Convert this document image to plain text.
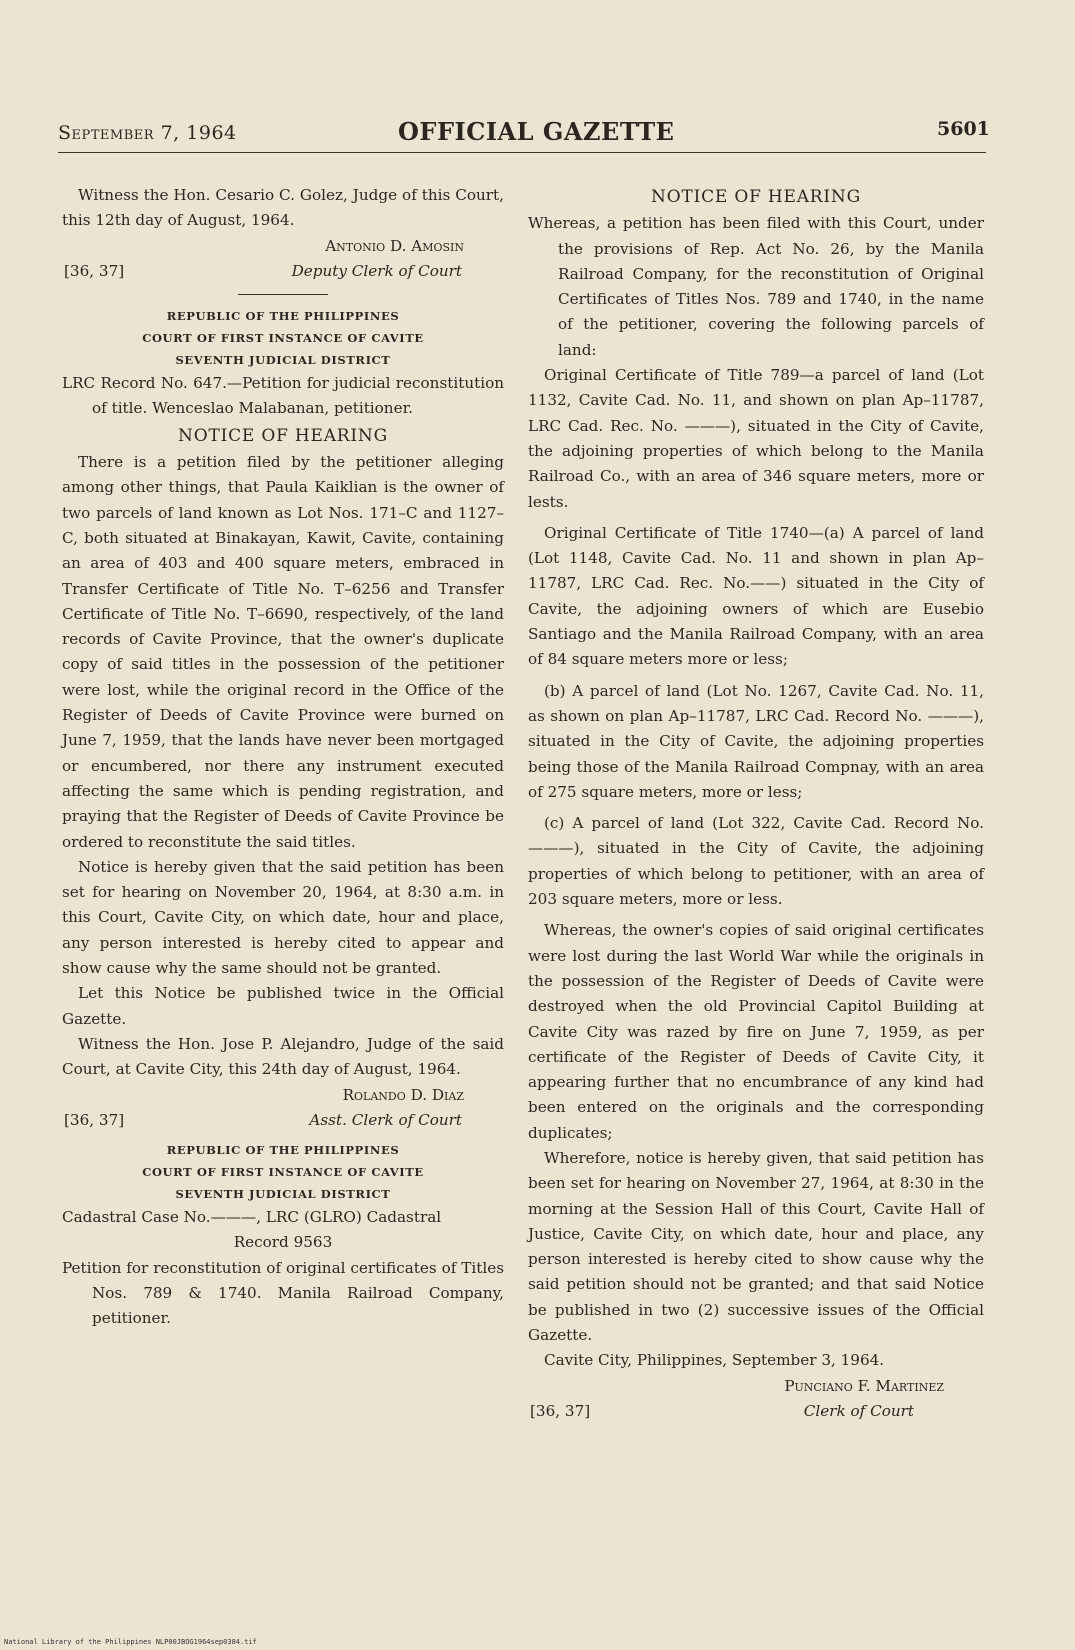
September 7, 1964	OFFICIAL GAZETTE	5601

Witness the Hon. Cesario C. Golez, Judge of this Court, this 12th day of August, 1964.

Antonio D. Amosin
[36, 37]	Deputy Clerk of Court
REPUBLIC OF THE PHILIPPINES
COURT OF FIRST INSTANCE OF CAVITE
SEVENTH JUDICIAL DISTRICT

LRC Record No. 647.—Petition for judicial reconstitution of title. Wenceslao Malabanan, petitioner.

NOTICE OF HEARING

There is a petition filed by the petitioner alleging among other things, that Paula Kaiklian is the owner of two parcels of land known as Lot Nos. 171–C and 1127–C, both situated at Binakayan, Kawit, Cavite, containing an area of 403 and 400 square meters, embraced in Transfer Certificate of Title No. T–6256 and Transfer Certificate of Title No. T–6690, respectively, of the land records of Cavite Province, that the owner's duplicate copy of said titles in the possession of the petitioner were lost, while the original record in the Office of the Register of Deeds of Cavite Province were burned on June 7, 1959, that the lands have never been mortgaged or encumbered, nor there any instrument executed affecting the same which is pending registration, and praying that the Register of Deeds of Cavite Province be ordered to reconstitute the said titles.

Notice is hereby given that the said petition has been set for hearing on November 20, 1964, at 8:30 a.m. in this Court, Cavite City, on which date, hour and place, any person interested is hereby cited to appear and show cause why the same should not be granted.

Let this Notice be published twice in the Official Gazette.

Witness the Hon. Jose P. Alejandro, Judge of the said Court, at Cavite City, this 24th day of August, 1964.

Rolando D. Diaz
[36, 37]	Asst. Clerk of Court
REPUBLIC OF THE PHILIPPINES
COURT OF FIRST INSTANCE OF CAVITE
SEVENTH JUDICIAL DISTRICT
Cadastral Case No.———, LRC (GLRO) Cadastral
Record 9563

Petition for reconstitution of original certificates of Titles Nos. 789 & 1740. Manila Railroad Company, petitioner.

NOTICE OF HEARING

Whereas, a petition has been filed with this Court, under the provisions of Rep. Act No. 26, by the Manila Railroad Company, for the reconstitution of Original Certificates of Titles Nos. 789 and 1740, in the name of the petitioner, covering the following parcels of land:

Original Certificate of Title 789—a parcel of land (Lot 1132, Cavite Cad. No. 11, and shown on plan Ap–11787, LRC Cad. Rec. No. ———), situated in the City of Cavite, the adjoining properties of which belong to the Manila Railroad Co., with an area of 346 square meters, more or lests.

Original Certificate of Title 1740—(a) A parcel of land (Lot 1148, Cavite Cad. No. 11 and shown in plan Ap–11787, LRC Cad. Rec. No.——) situated in the City of Cavite, the adjoining owners of which are Eusebio Santiago and the Manila Railroad Company, with an area of 84 square meters more or less;

(b) A parcel of land (Lot No. 1267, Cavite Cad. No. 11, as shown on plan Ap–11787, LRC Cad. Record No. ———), situated in the City of Cavite, the adjoining properties being those of the Manila Railroad Compnay, with an area of 275 square meters, more or less;

(c) A parcel of land (Lot 322, Cavite Cad. Record No.———), situated in the City of Cavite, the adjoining properties of which belong to petitioner, with an area of 203 square meters, more or less.

Whereas, the owner's copies of said original certificates were lost during the last World War while the originals in the possession of the Register of Deeds of Cavite were destroyed when the old Provincial Capitol Building at Cavite City was razed by fire on June 7, 1959, as per certificate of the Register of Deeds of Cavite City, it appearing further that no encumbrance of any kind had been entered on the originals and the corresponding duplicates;

Wherefore, notice is hereby given, that said petition has been set for hearing on November 27, 1964, at 8:30 in the morning at the Session Hall of this Court, Cavite Hall of Justice, Cavite City, on which date, hour and place, any person interested is hereby cited to show cause why the said petition should not be granted; and that said Notice be published in two (2) successive issues of the Official Gazette.

Cavite City, Philippines, September 3, 1964.

Punciano F. Martinez
[36, 37]	Clerk of Court
National Library of the Philippines NLP00JBOG1964sep0384.tif
